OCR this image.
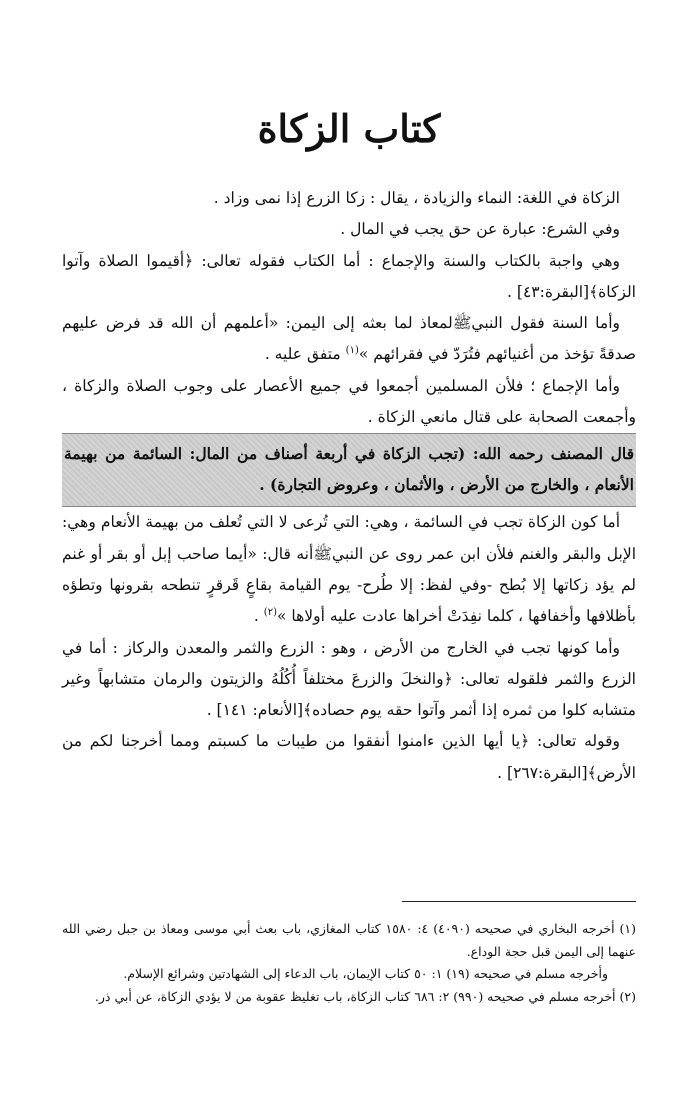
كتاب الزكاة

الزكاة في اللغة: النماء والزيادة ، يقال : زكا الزرع إذا نمى وزاد .

وفي الشرع: عبارة عن حق يجب في المال .

وهي واجبة بالكتاب والسنة والإجماع : أما الكتاب فقوله تعالى: ﴿أقيموا الصلاة وآتوا الزكاة﴾[البقرة:٤٣] .

وأما السنة فقول النبيﷺلمعاذ لما بعثه إلى اليمن: «أعلمهم أن الله قد فرض عليهم صدقةً تؤخذ من أغنيائهم فتُرَدّ في فقرائهم »$^{(١)}$ متفق عليه .

وأما الإجماع ؛ فلأن المسلمين أجمعوا في جميع الأعصار على وجوب الصلاة والزكاة ، وأجمعت الصحابة على قتال مانعي الزكاة .

قال المصنف رحمه الله: (تجب الزكاة في أربعة أصناف من المال: السائمة من بهيمة الأنعام ، والخارج من الأرض ، والأثمان ، وعروض التجارة) .

أما كون الزكاة تجب في السائمة ، وهي: التي تُرعى لا التي تُعلف من بهيمة الأنعام وهي: الإبل والبقر والغنم فلأن ابن عمر روى عن النبيﷺأنه قال: «أيما صاحب إبل أو بقر أو غنم لم يؤد زكاتها إلا بُطح -وفي لفظ: إلا طُرح- يوم القيامة بقاعٍ قَرقرٍ تنطحه بقرونها وتطؤه بأظلافها وأخفافها ، كلما نفِدَتْ أخراها عادت عليه أولاها »$^{(٢)}$ .

وأما كونها تجب في الخارج من الأرض ، وهو : الزرع والثمر والمعدن والركاز : أما في الزرع والثمر فلقوله تعالى: ﴿والنخلَ والزرعَ مختلفاً أُكُلُهُ والزيتون والرمان متشابهاً وغير متشابه كلوا من ثمره إذا أثمر وآتوا حقه يوم حصاده﴾[الأنعام: ١٤١] .

وقوله تعالى: ﴿يا أيها الذين ءامنوا أنفقوا من طيبات ما كسبتم ومما أخرجنا لكم من الأرض﴾[البقرة:٢٦٧] .

(١) أخرجه البخاري في صحيحه (٤٠٩٠) ٤: ١٥٨٠ كتاب المغازي، باب بعث أبي موسى ومعاذ بن جبل رضي الله عنهما إلى اليمن قبل حجة الوداع.

وأخرجه مسلم في صحيحه (١٩) ١: ٥٠ كتاب الإيمان، باب الدعاء إلى الشهادتين وشرائع الإسلام.

(٢) أخرجه مسلم في صحيحه (٩٩٠) ٢: ٦٨٦ كتاب الزكاة، باب تغليظ عقوبة من لا يؤدي الزكاة، عن أبي ذر.
